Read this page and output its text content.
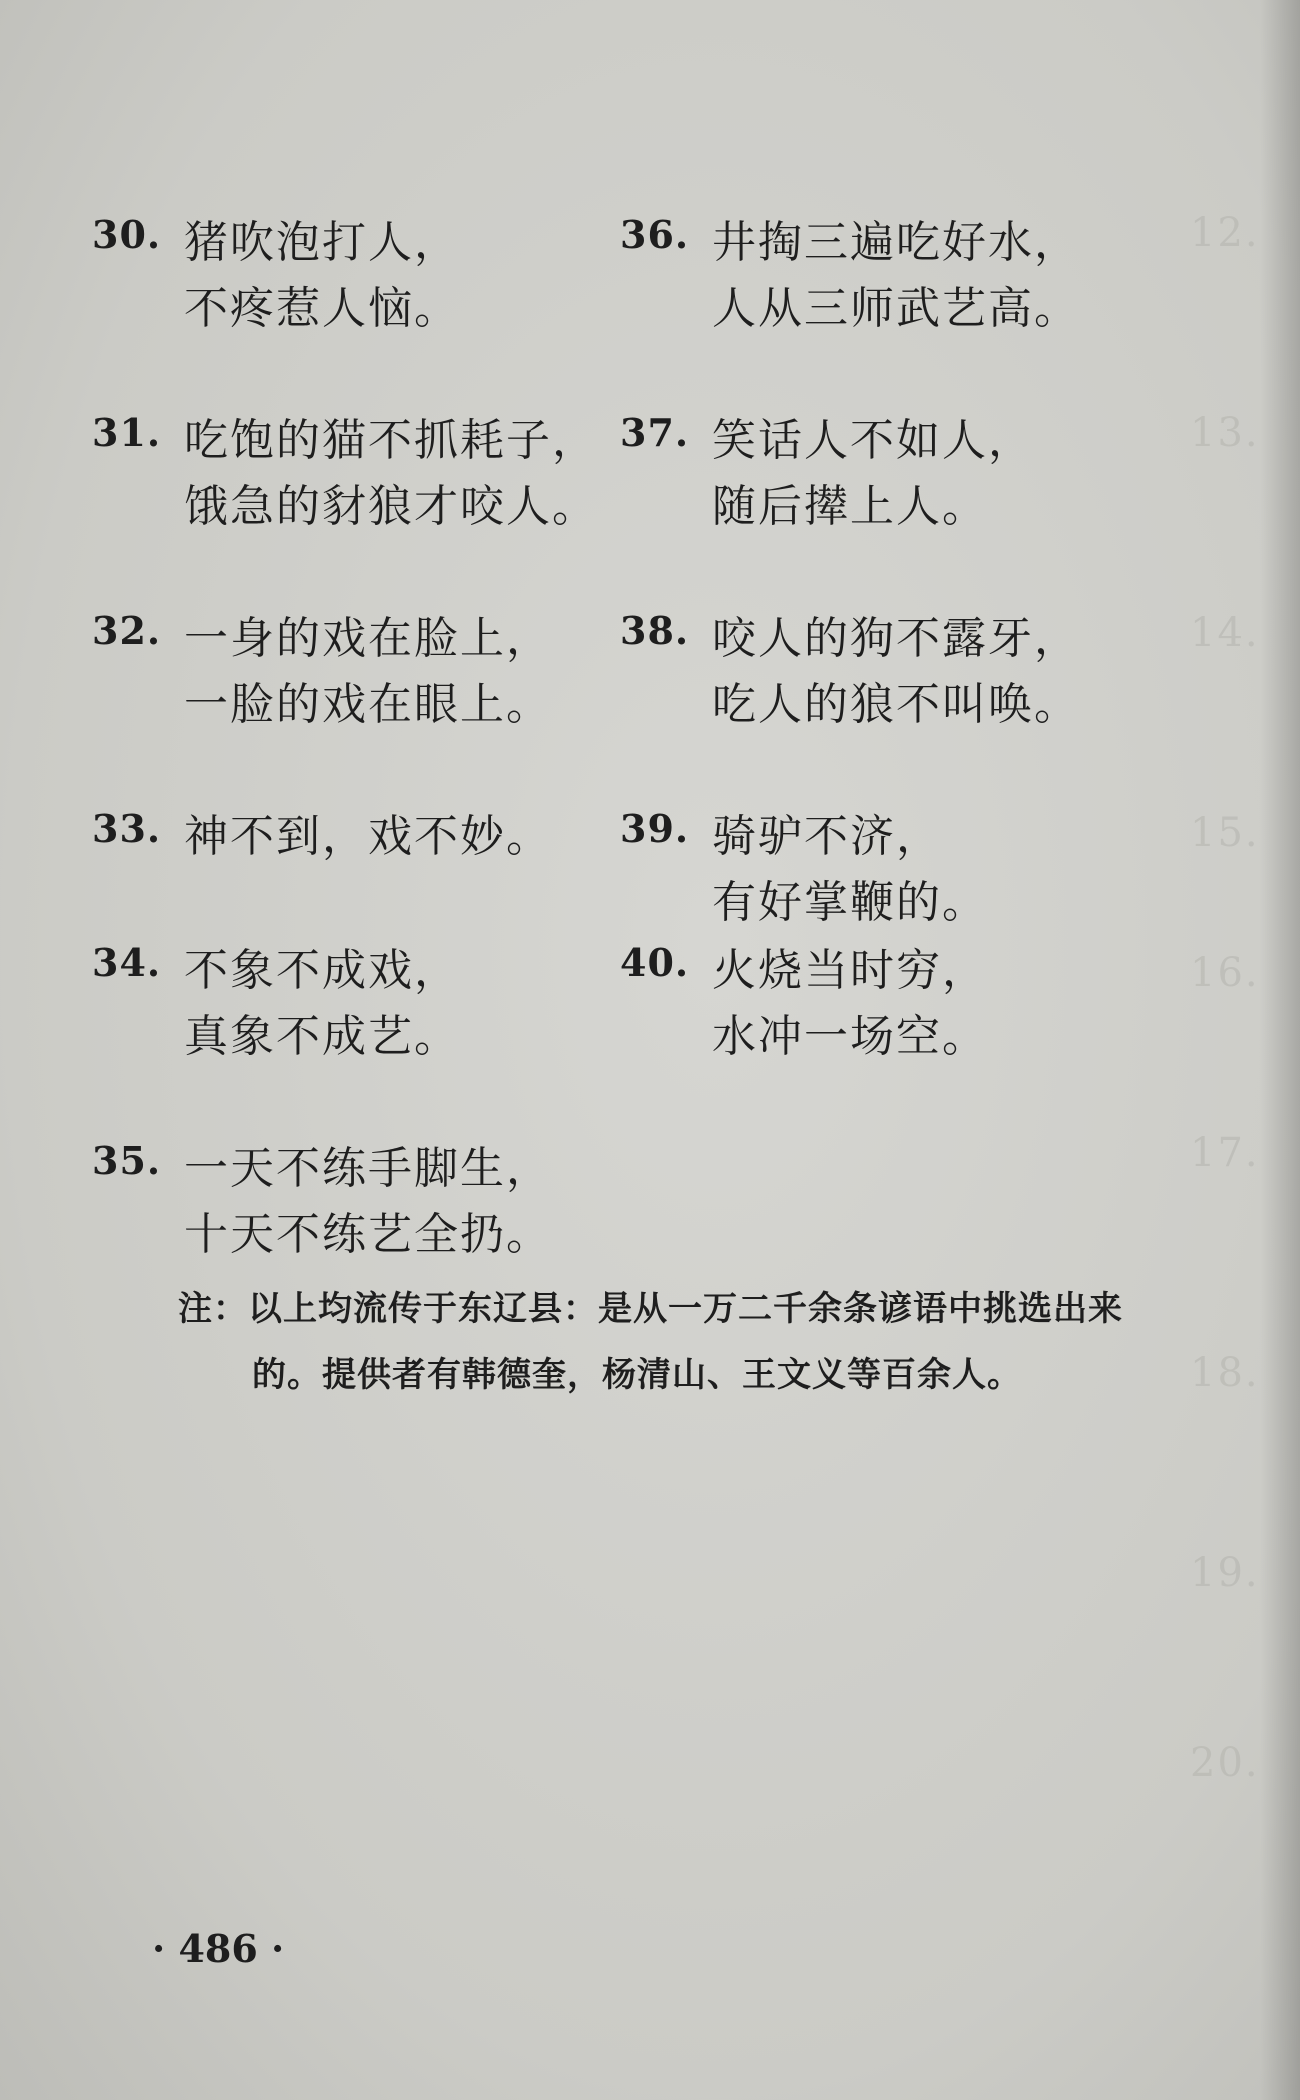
12.
13.
14.
15.
16.
17.
18.
19.
20.
30. 猪吹泡打人，
不疼惹人恼。
31. 吃饱的猫不抓耗子，
饿急的豺狼才咬人。
32. 一身的戏在脸上，
一脸的戏在眼上。
33. 神不到，戏不妙。
34. 不象不成戏，
真象不成艺。
35. 一天不练手脚生，
十天不练艺全扔。
36. 井掏三遍吃好水，
人从三师武艺高。
37. 笑话人不如人，
随后撵上人。
38. 咬人的狗不露牙，
吃人的狼不叫唤。
39. 骑驴不济，
有好掌鞭的。
40. 火烧当时穷，
水冲一场空。
注：以上均流传于东辽县：是从一万二千余条谚语中挑选出来
的。提供者有韩德奎，杨清山、王文义等百余人。
· 486 ·
